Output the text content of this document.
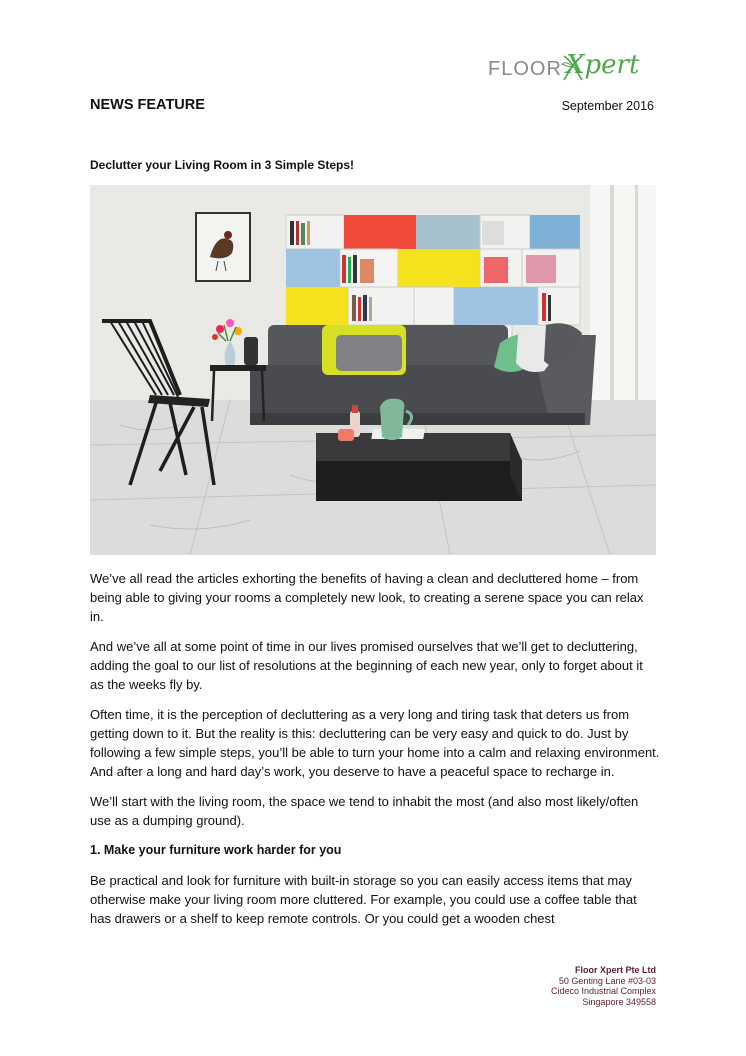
FLOOR Xpert
NEWS FEATURE	September 2016
Declutter your Living Room in 3 Simple Steps!

We’ve all read the articles exhorting the benefits of having a clean and decluttered home – from being able to giving your rooms a completely new look, to creating a serene space you can relax in.

And we’ve all at some point of time in our lives promised ourselves that we’ll get to decluttering, adding the goal to our list of resolutions at the beginning of each new year, only to forget about it as the weeks fly by.

Often time, it is the perception of decluttering as a very long and tiring task that deters us from getting down to it. But the reality is this: decluttering can be very easy and quick to do. Just by following a few simple steps, you’ll be able to turn your home into a calm and relaxing environment. And after a long and hard day’s work, you deserve to have a peaceful space to recharge in.

We’ll start with the living room, the space we tend to inhabit the most (and also most likely/often use as a dumping ground).

1. Make your furniture work harder for you

Be practical and look for furniture with built-in storage so you can easily access items that may otherwise make your living room more cluttered. For example, you could use a coffee table that has drawers or a shelf to keep remote controls. Or you could get a wooden chest

Floor Xpert Pte Ltd
50 Genting Lane #03-03
Cideco Industrial Complex
Singapore 349558
